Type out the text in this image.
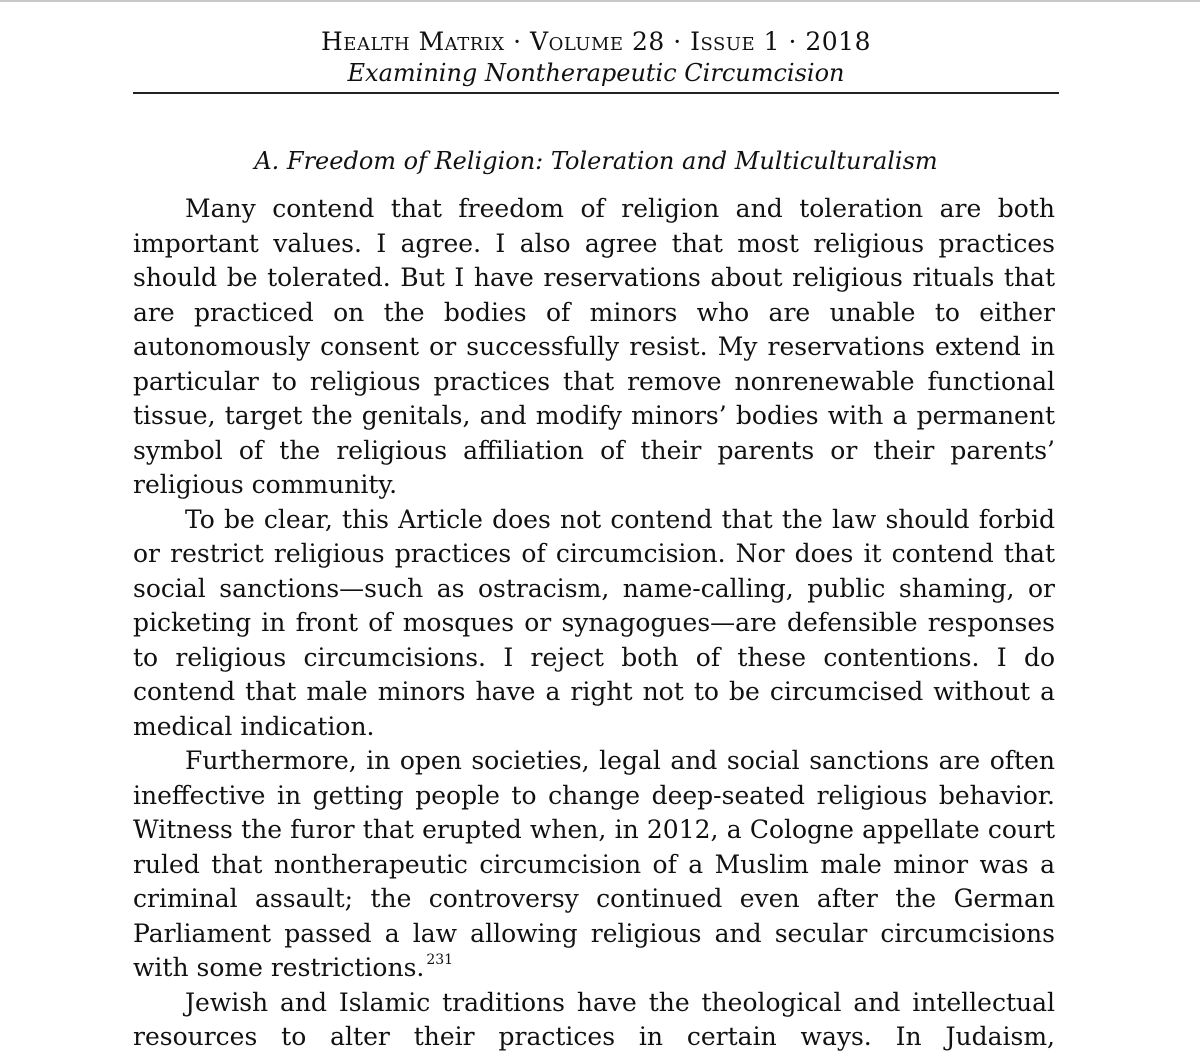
Health Matrix · Volume 28 · Issue 1 · 2018
Examining Nontherapeutic Circumcision
A. Freedom of Religion: Toleration and Multiculturalism

Many contend that freedom of religion and toleration are both
important values. I agree. I also agree that most religious practices
should be tolerated. But I have reservations about religious rituals that
are practiced on the bodies of minors who are unable to either
autonomously consent or successfully resist. My reservations extend in
particular to religious practices that remove nonrenewable functional
tissue, target the genitals, and modify minors’ bodies with a permanent
symbol of the religious affiliation of their parents or their parents’
religious community.

To be clear, this Article does not contend that the law should forbid
or restrict religious practices of circumcision. Nor does it contend that
social sanctions—such as ostracism, name-calling, public shaming, or
picketing in front of mosques or synagogues—are defensible responses
to religious circumcisions. I reject both of these contentions. I do
contend that male minors have a right not to be circumcised without a
medical indication.

Furthermore, in open societies, legal and social sanctions are often
ineffective in getting people to change deep-seated religious behavior.
Witness the furor that erupted when, in 2012, a Cologne appellate court
ruled that nontherapeutic circumcision of a Muslim male minor was a
criminal assault; the controversy continued even after the German
Parliament passed a law allowing religious and secular circumcisions
with some restrictions. $^{231}$

Jewish and Islamic traditions have the theological and intellectual
resources to alter their practices in certain ways. In Judaism,
